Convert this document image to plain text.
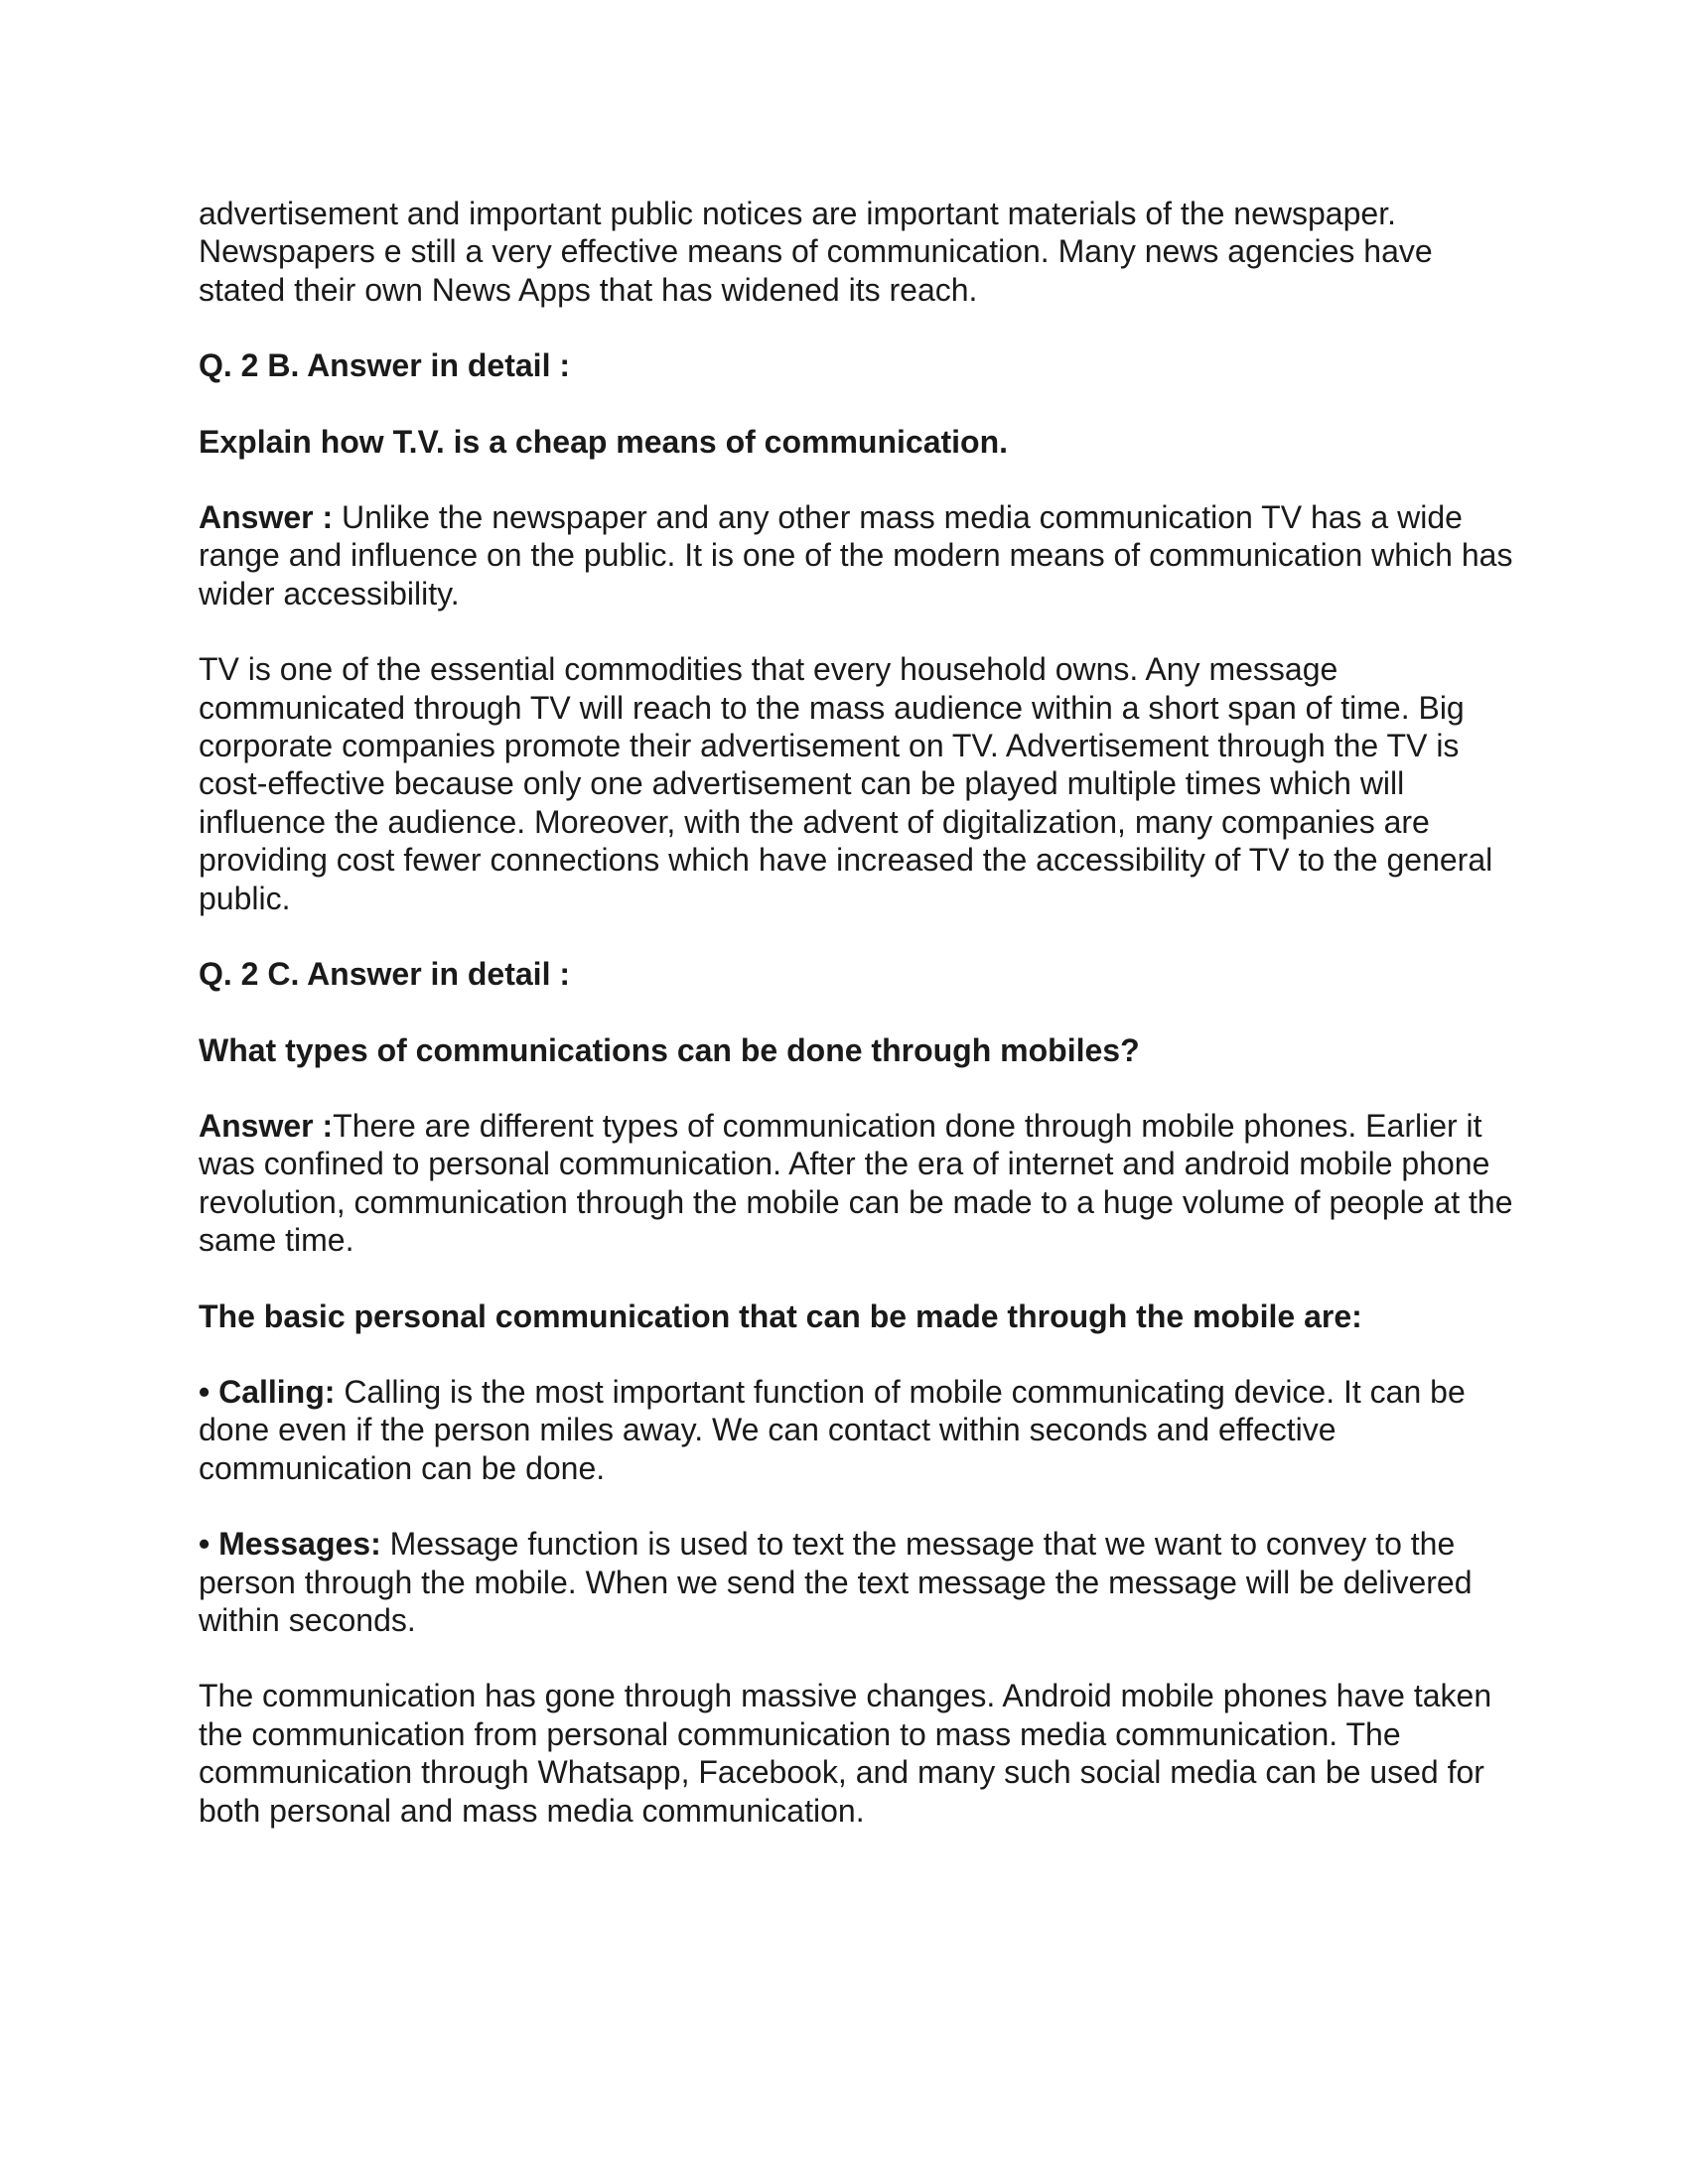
advertisement and important public notices are important materials of the newspaper. Newspapers e still a very effective means of communication. Many news agencies have stated their own News Apps that has widened its reach.

Q. 2 B. Answer in detail :

Explain how T.V. is a cheap means of communication.

Answer : Unlike the newspaper and any other mass media communication TV has a wide range and influence on the public. It is one of the modern means of communication which has wider accessibility.

TV is one of the essential commodities that every household owns. Any message communicated through TV will reach to the mass audience within a short span of time. Big corporate companies promote their advertisement on TV. Advertisement through the TV is cost-effective because only one advertisement can be played multiple times which will influence the audience. Moreover, with the advent of digitalization, many companies are providing cost fewer connections which have increased the accessibility of TV to the general public.

Q. 2 C. Answer in detail :

What types of communications can be done through mobiles?

Answer :There are different types of communication done through mobile phones. Earlier it was confined to personal communication. After the era of internet and android mobile phone revolution, communication through the mobile can be made to a huge volume of people at the same time.

The basic personal communication that can be made through the mobile are:

• Calling: Calling is the most important function of mobile communicating device. It can be done even if the person miles away. We can contact within seconds and effective communication can be done.

• Messages: Message function is used to text the message that we want to convey to the person through the mobile. When we send the text message the message will be delivered within seconds.

The communication has gone through massive changes. Android mobile phones have taken the communication from personal communication to mass media communication. The communication through Whatsapp, Facebook, and many such social media can be used for both personal and mass media communication.
